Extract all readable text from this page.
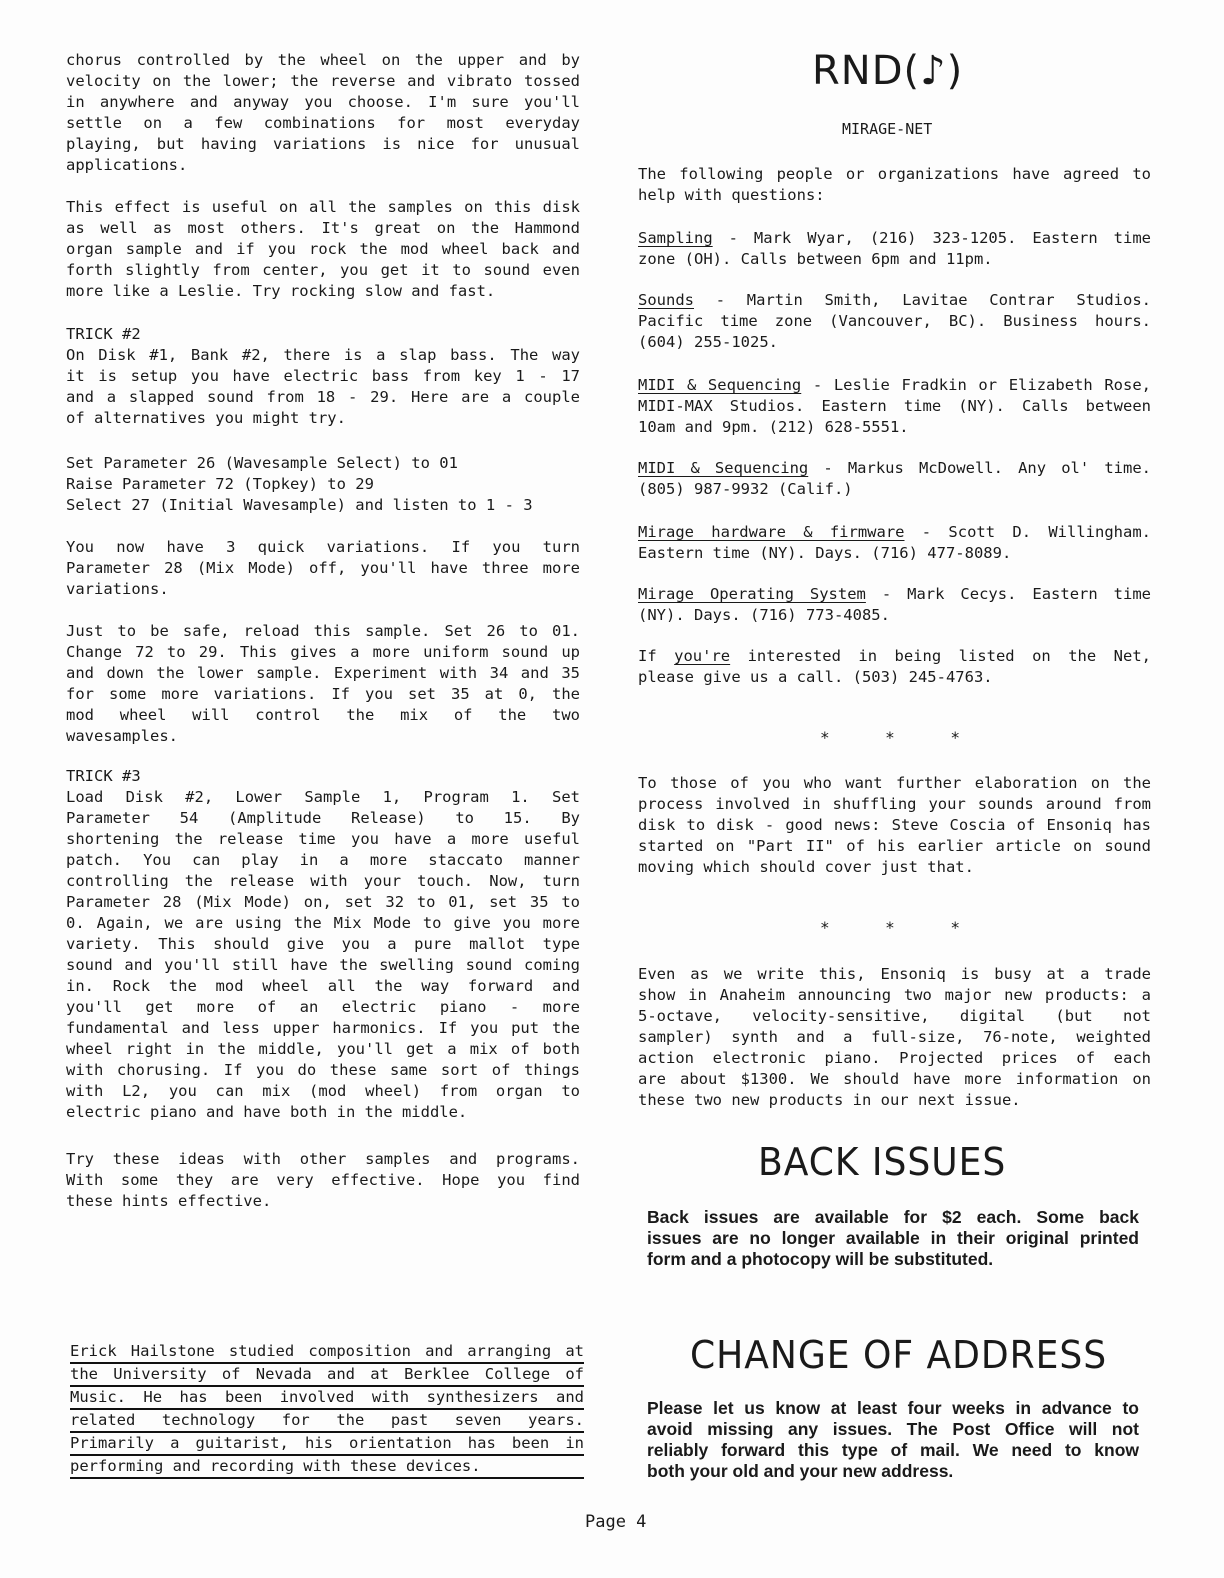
chorus controlled by the wheel on the upper and by
velocity on the lower; the reverse and vibrato tossed
in anywhere and anyway you choose. I'm sure you'll
settle on a few combinations for most everyday
playing, but having variations is nice for unusual
applications.
This effect is useful on all the samples on this disk
as well as most others. It's great on the Hammond
organ sample and if you rock the mod wheel back and
forth slightly from center, you get it to sound even
more like a Leslie. Try rocking slow and fast.
TRICK #2
On Disk #1, Bank #2, there is a slap bass. The way
it is setup you have electric bass from key 1 - 17
and a slapped sound from 18 - 29. Here are a couple
of alternatives you might try.
Set Parameter 26 (Wavesample Select) to 01
Raise Parameter 72 (Topkey) to 29
Select 27 (Initial Wavesample) and listen to 1 - 3
You now have 3 quick variations. If you turn
Parameter 28 (Mix Mode) off, you'll have three more
variations.
Just to be safe, reload this sample. Set 26 to 01.
Change 72 to 29. This gives a more uniform sound up
and down the lower sample. Experiment with 34 and 35
for some more variations. If you set 35 at 0, the
mod wheel will control the mix of the two
wavesamples.
TRICK #3
Load Disk #2, Lower Sample 1, Program 1. Set
Parameter 54 (Amplitude Release) to 15. By
shortening the release time you have a more useful
patch. You can play in a more staccato manner
controlling the release with your touch. Now, turn
Parameter 28 (Mix Mode) on, set 32 to 01, set 35 to
0. Again, we are using the Mix Mode to give you more
variety. This should give you a pure mallot type
sound and you'll still have the swelling sound coming
in. Rock the mod wheel all the way forward and
you'll get more of an electric piano - more
fundamental and less upper harmonics. If you put the
wheel right in the middle, you'll get a mix of both
with chorusing. If you do these same sort of things
with L2, you can mix (mod wheel) from organ to
electric piano and have both in the middle.
Try these ideas with other samples and programs.
With some they are very effective. Hope you find
these hints effective.
Erick Hailstone studied composition and arranging at
the University of Nevada and at Berklee College of
Music. He has been involved with synthesizers and
related technology for the past seven years.
Primarily a guitarist, his orientation has been in
performing and recording with these devices.
RND(♪)
MIRAGE-NET
The following people or organizations have agreed to
help with questions:
Sampling - Mark Wyar, (216) 323-1205. Eastern time
zone (OH). Calls between 6pm and 11pm.
Sounds - Martin Smith, Lavitae Contrar Studios.
Pacific time zone (Vancouver, BC). Business hours.
(604) 255-1025.
MIDI & Sequencing - Leslie Fradkin or Elizabeth Rose,
MIDI-MAX Studios. Eastern time (NY). Calls between
10am and 9pm. (212) 628-5551.
MIDI & Sequencing - Markus McDowell. Any ol' time.
(805) 987-9932 (Calif.)
Mirage hardware & firmware - Scott D. Willingham.
Eastern time (NY). Days. (716) 477-8089.
Mirage Operating System - Mark Cecys. Eastern time
(NY). Days. (716) 773-4085.
If you're interested in being listed on the Net,
please give us a call. (503) 245-4763.
*	*	*
To those of you who want further elaboration on the
process involved in shuffling your sounds around from
disk to disk - good news: Steve Coscia of Ensoniq has
started on "Part II" of his earlier article on sound
moving which should cover just that.
*	*	*
Even as we write this, Ensoniq is busy at a trade
show in Anaheim announcing two major new products: a
5-octave, velocity-sensitive, digital (but not
sampler) synth and a full-size, 76-note, weighted
action electronic piano. Projected prices of each
are about $1300. We should have more information on
these two new products in our next issue.
BACK ISSUES
Back issues are available for $2 each. Some back
issues are no longer available in their original printed
form and a photocopy will be substituted.
CHANGE OF ADDRESS
Please let us know at least four weeks in advance to
avoid missing any issues. The Post Office will not
reliably forward this type of mail. We need to know
both your old and your new address.
Page 4
